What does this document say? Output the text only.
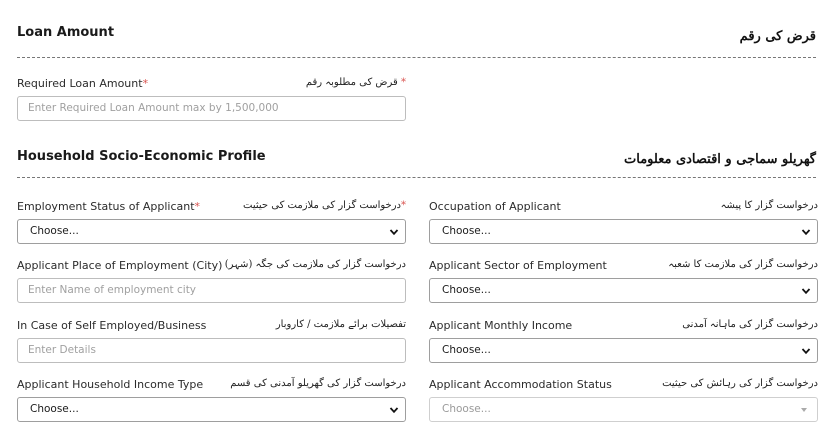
Loan Amount	قرض کی رقم
Required Loan Amount*	* قرض کی مطلوبہ رقم
Enter Required Loan Amount max by 1,500,000
Household Socio-Economic Profile	گھریلو سماجی و اقتصادی معلومات
Employment Status of Applicant*	*درخواست گزار کی ملازمت کی حیثیت
Choose...
Occupation of Applicant	درخواست گزار کا پیشہ
Choose...
Applicant Place of Employment (City) درخواست گزار کی ملازمت کی جگہ (شہر)
Enter Name of employment city
Applicant Sector of Employment	درخواست گزار کی ملازمت کا شعبہ
Choose...
In Case of Self Employed/Business	تفصیلات برائے ملازمت / کاروبار
Enter Details
Applicant Monthly Income	درخواست گزار کی ماہانہ آمدنی
Choose...
Applicant Household Income Type	درخواست گزار کی گھریلو آمدنی کی قسم
Choose...
Applicant Accommodation Status	درخواست گزار کی رہائش کی حیثیت
Choose...
